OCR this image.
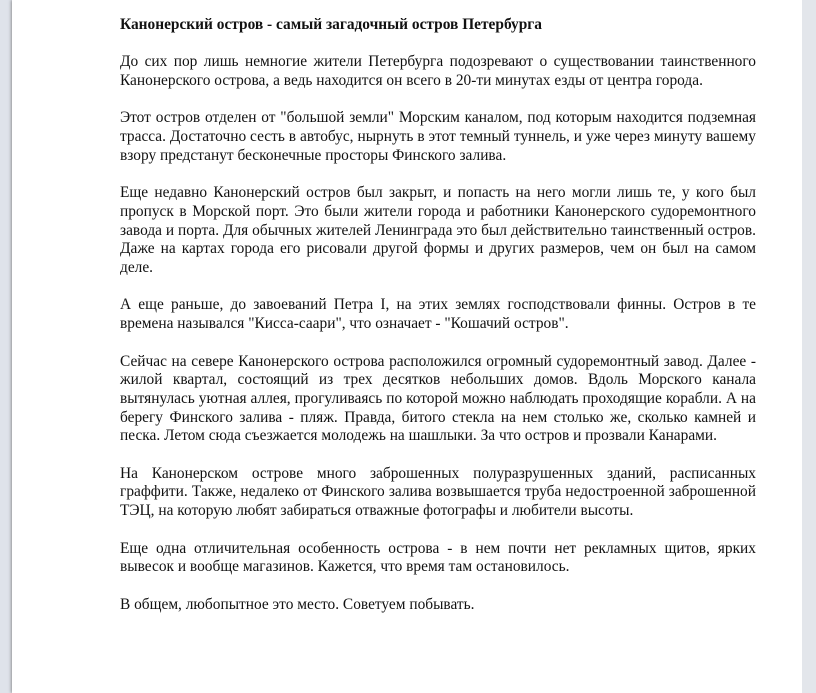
Канонерский остров - самый загадочный остров Петербурга

До сих пор лишь немногие жители Петербурга подозревают о существовании таинственного Канонерского острова, а ведь находится он всего в 20-ти минутах езды от центра города.

Этот остров отделен от "большой земли" Морским каналом, под которым находится подземная трасса. Достаточно сесть в автобус, нырнуть в этот темный туннель, и уже через минуту вашему взору предстанут бесконечные просторы Финского залива.

Еще недавно Канонерский остров был закрыт, и попасть на него могли лишь те, у кого был пропуск в Морской порт. Это были жители города и работники Канонерского судоремонтного завода и порта. Для обычных жителей Ленинграда это был действительно таинственный остров. Даже на картах города его рисовали другой формы и других размеров, чем он был на самом деле.

А еще раньше, до завоеваний Петра I, на этих землях господствовали финны. Остров в те времена назывался "Кисса-саари", что означает - "Кошачий остров".

Сейчас на севере Канонерского острова расположился огромный судоремонтный завод. Далее - жилой квартал, состоящий из трех десятков небольших домов. Вдоль Морского канала вытянулась уютная аллея, прогуливаясь по которой можно наблюдать проходящие корабли. А на берегу Финского залива - пляж. Правда, битого стекла на нем столько же, сколько камней и песка. Летом сюда съезжается молодежь на шашлыки. За что остров и прозвали Канарами.

На Канонерском острове много заброшенных полуразрушенных зданий, расписанных граффити. Также, недалеко от Финского залива возвышается труба недостроенной заброшенной ТЭЦ, на которую любят забираться отважные фотографы и любители высоты.

Еще одна отличительная особенность острова - в нем почти нет рекламных щитов, ярких вывесок и вообще магазинов. Кажется, что время там остановилось.

В общем, любопытное это место. Советуем побывать.
